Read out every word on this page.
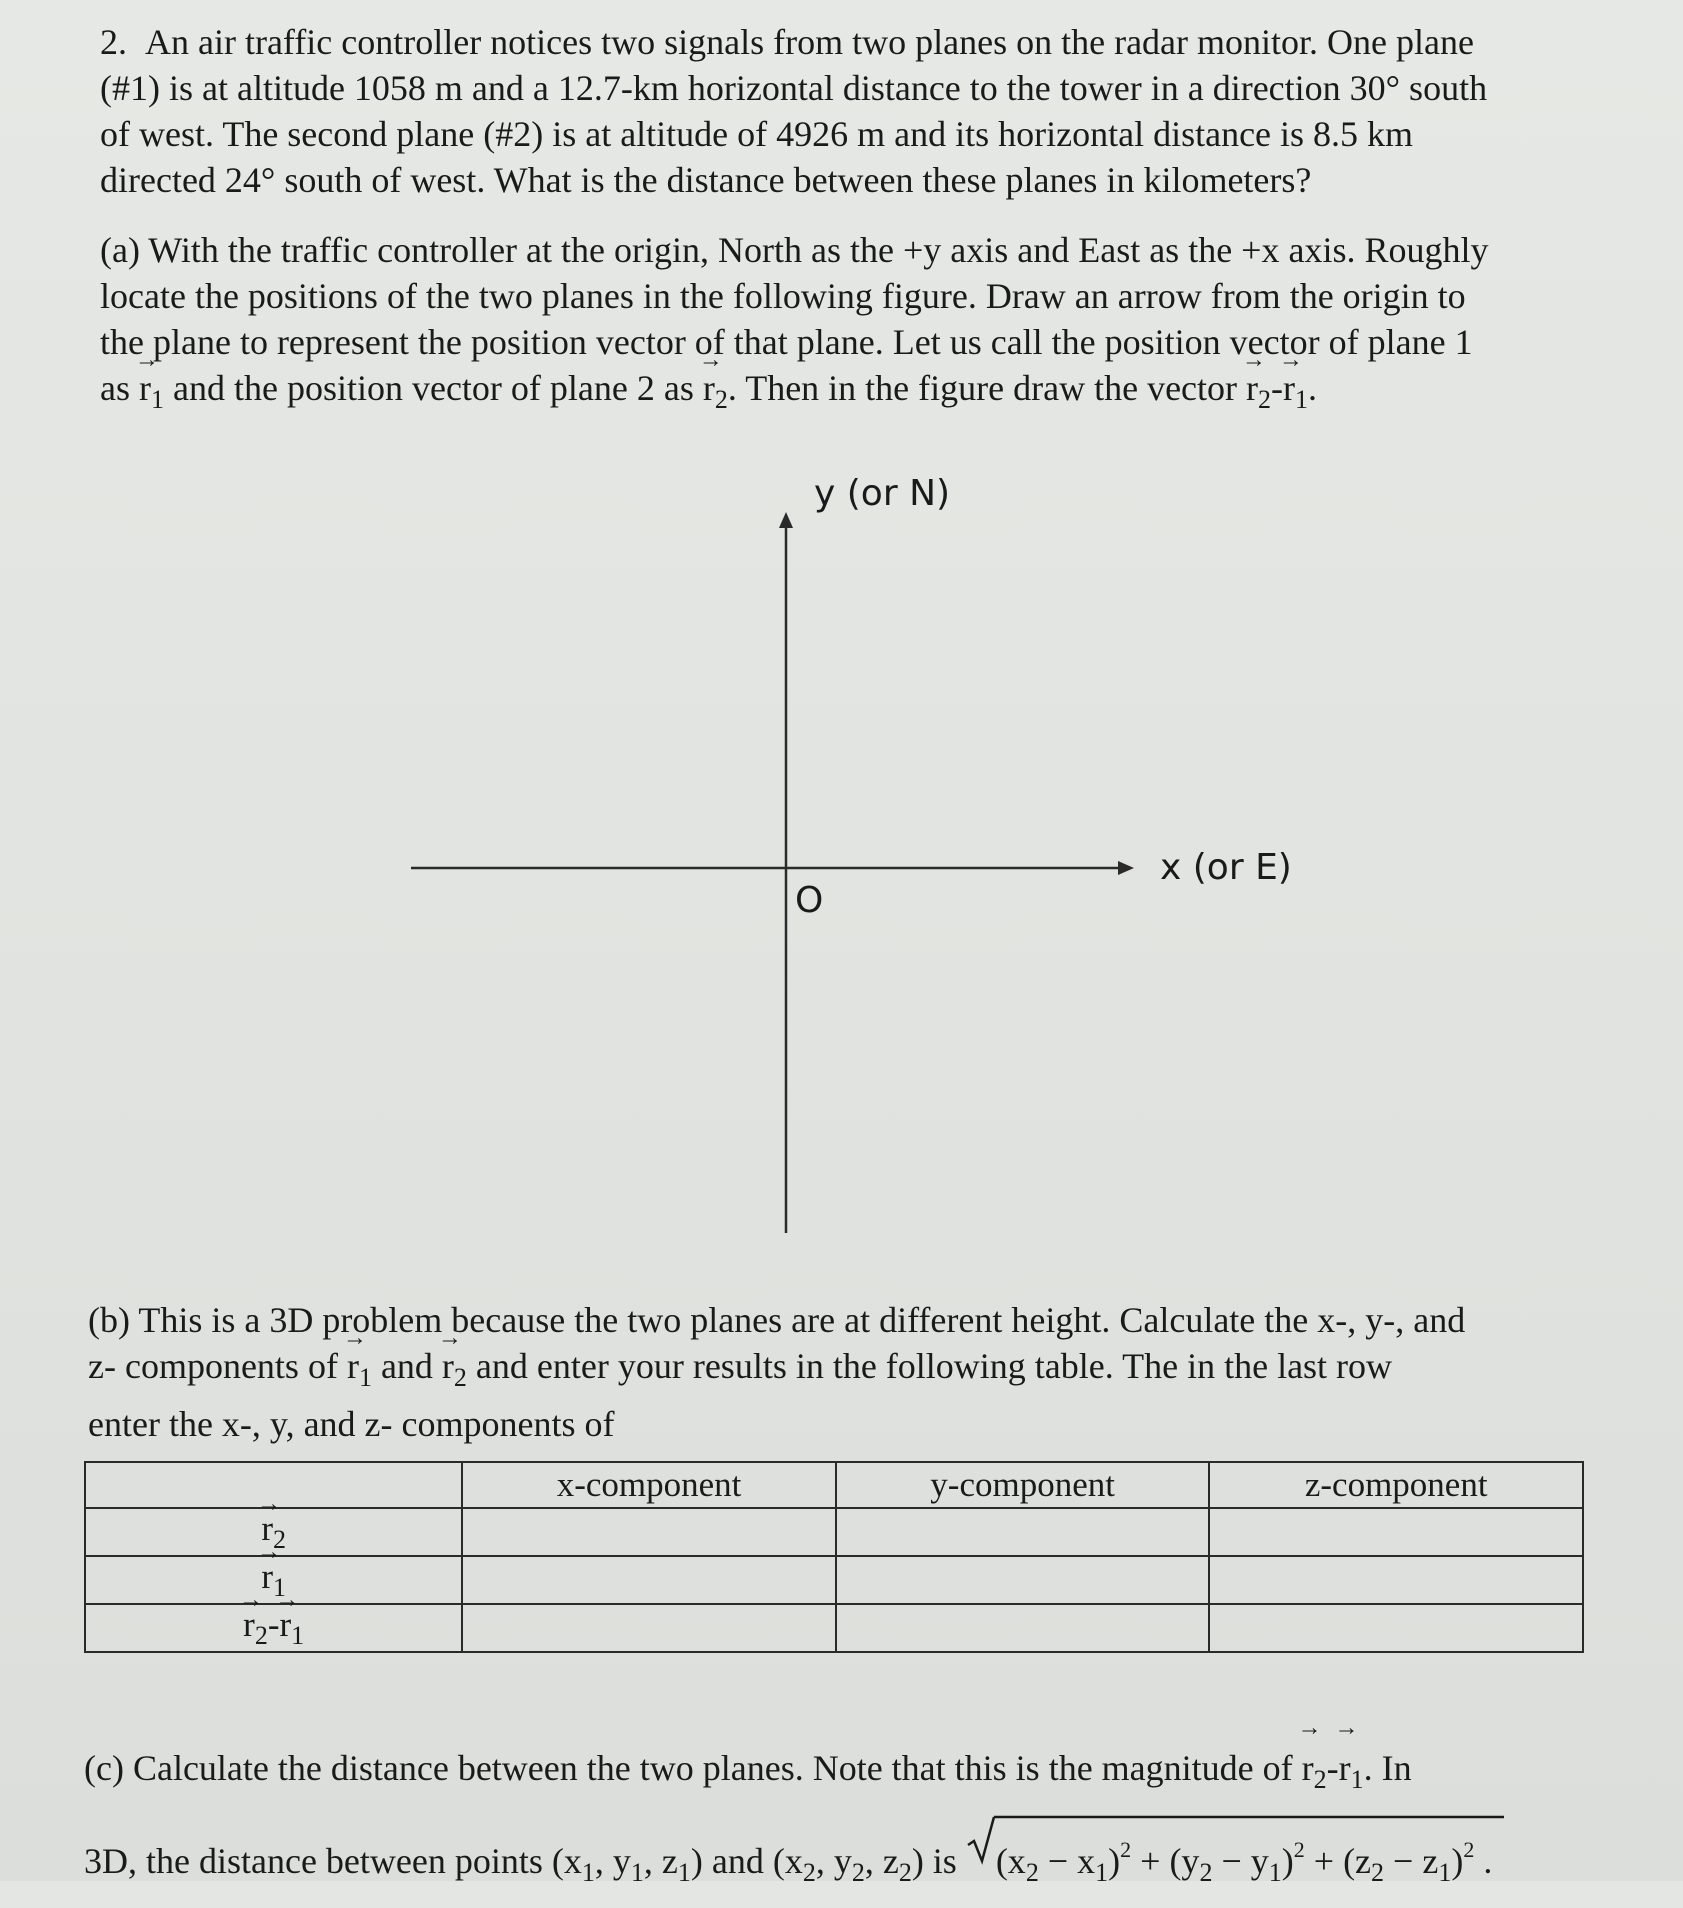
2. An air traffic controller notices two signals from two planes on the radar monitor. One plane
(#1) is at altitude 1058 m and a 12.7-km horizontal distance to the tower in a direction 30° south
of west. The second plane (#2) is at altitude of 4926 m and its horizontal distance is 8.5 km
directed 24° south of west. What is the distance between these planes in kilometers?
(a) With the traffic controller at the origin, North as the +y axis and East as the +x axis. Roughly
locate the positions of the two planes in the following figure. Draw an arrow from the origin to
the plane to represent the position vector of that plane. Let us call the position vector of plane 1
as → $r_1$ and the position vector of plane 2 as → $r_2$. Then in the figure draw the vector → $r_2-\to r_1$.
y (or N)
x (or E)
O
(b) This is a 3D problem because the two planes are at different height. Calculate the x-, y-, and
z- components of → $r_1$ and → $r_2$ and enter your results in the following table. The in the last row
enter the x-, y, and z- components of
	x-component	y-component	z-component
→ $r_2$			
→ $r_1$			
→ $r_2-\to r_1$			
(c) Calculate the distance between the two planes. Note that this is the magnitude of → $r_2-\to r_1$. In
3D, the distance between points ($x_1$, $y_1$, $z_1$) and ($x_2$, $y_2$, $z_2$) is
$(x_2 - x_1)^2 + (y_2 - y_1)^2 + (z_2 - z_1)^2$ .
